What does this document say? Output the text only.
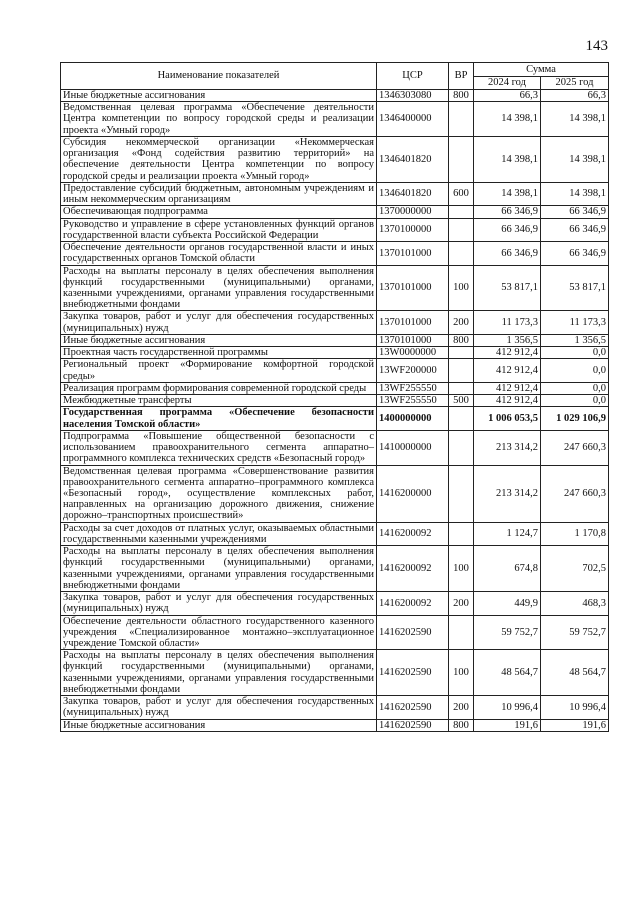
143
Наименование показателей	ЦСР	ВР	Сумма	
			2024 год	2025 год
Иные бюджетные ассигнования	1346303080	800	66,3	66,3
Ведомственная целевая программа «Обеспечение деятельности Центра компетенции по вопросу городской среды и реализации проекта «Умный город»	1346400000		14 398,1	14 398,1
Субсидия некоммерческой организации «Некоммерческая организация «Фонд содействия развитию территорий» на обеспечение деятельности Центра компетенции по вопросу городской среды и реализации проекта «Умный город»	1346401820		14 398,1	14 398,1
Предоставление субсидий бюджетным, автономным учреждениям и иным некоммерческим организациям	1346401820	600	14 398,1	14 398,1
Обеспечивающая подпрограмма	1370000000		66 346,9	66 346,9
Руководство и управление в сфере установленных функций органов государственной власти субъекта Российской Федерации	1370100000		66 346,9	66 346,9
Обеспечение деятельности органов государственной власти и иных государственных органов Томской области	1370101000		66 346,9	66 346,9
Расходы на выплаты персоналу в целях обеспечения выполнения функций государственными (муниципальными) органами, казенными учреждениями, органами управления государственными внебюджетными фондами	1370101000	100	53 817,1	53 817,1
Закупка товаров, работ и услуг для обеспечения государственных (муниципальных) нужд	1370101000	200	11 173,3	11 173,3
Иные бюджетные ассигнования	1370101000	800	1 356,5	1 356,5
Проектная часть государственной программы	13W0000000		412 912,4	0,0
Региональный проект «Формирование комфортной городской среды»	13WF200000		412 912,4	0,0
Реализация программ формирования современной городской среды	13WF255550		412 912,4	0,0
Межбюджетные трансферты	13WF255550	500	412 912,4	0,0
Государственная программа «Обеспечение безопасности населения Томской области»	1400000000		1 006 053,5	1 029 106,9
Подпрограмма «Повышение общественной безопасности с использованием правоохранительного сегмента аппаратно–программного комплекса технических средств «Безопасный город»	1410000000		213 314,2	247 660,3
Ведомственная целевая программа «Совершенствование развития правоохранительного сегмента аппаратно–программного комплекса «Безопасный город», осуществление комплексных работ, направленных на организацию дорожного движения, снижение дорожно–транспортных происшествий»	1416200000		213 314,2	247 660,3
Расходы за счет доходов от платных услуг, оказываемых областными государственными казенными учреждениями	1416200092		1 124,7	1 170,8
Расходы на выплаты персоналу в целях обеспечения выполнения функций государственными (муниципальными) органами, казенными учреждениями, органами управления государственными внебюджетными фондами	1416200092	100	674,8	702,5
Закупка товаров, работ и услуг для обеспечения государственных (муниципальных) нужд	1416200092	200	449,9	468,3
Обеспечение деятельности областного государственного казенного учреждения «Специализированное монтажно–эксплуатационное учреждение Томской области»	1416202590		59 752,7	59 752,7
Расходы на выплаты персоналу в целях обеспечения выполнения функций государственными (муниципальными) органами, казенными учреждениями, органами управления государственными внебюджетными фондами	1416202590	100	48 564,7	48 564,7
Закупка товаров, работ и услуг для обеспечения государственных (муниципальных) нужд	1416202590	200	10 996,4	10 996,4
Иные бюджетные ассигнования	1416202590	800	191,6	191,6
